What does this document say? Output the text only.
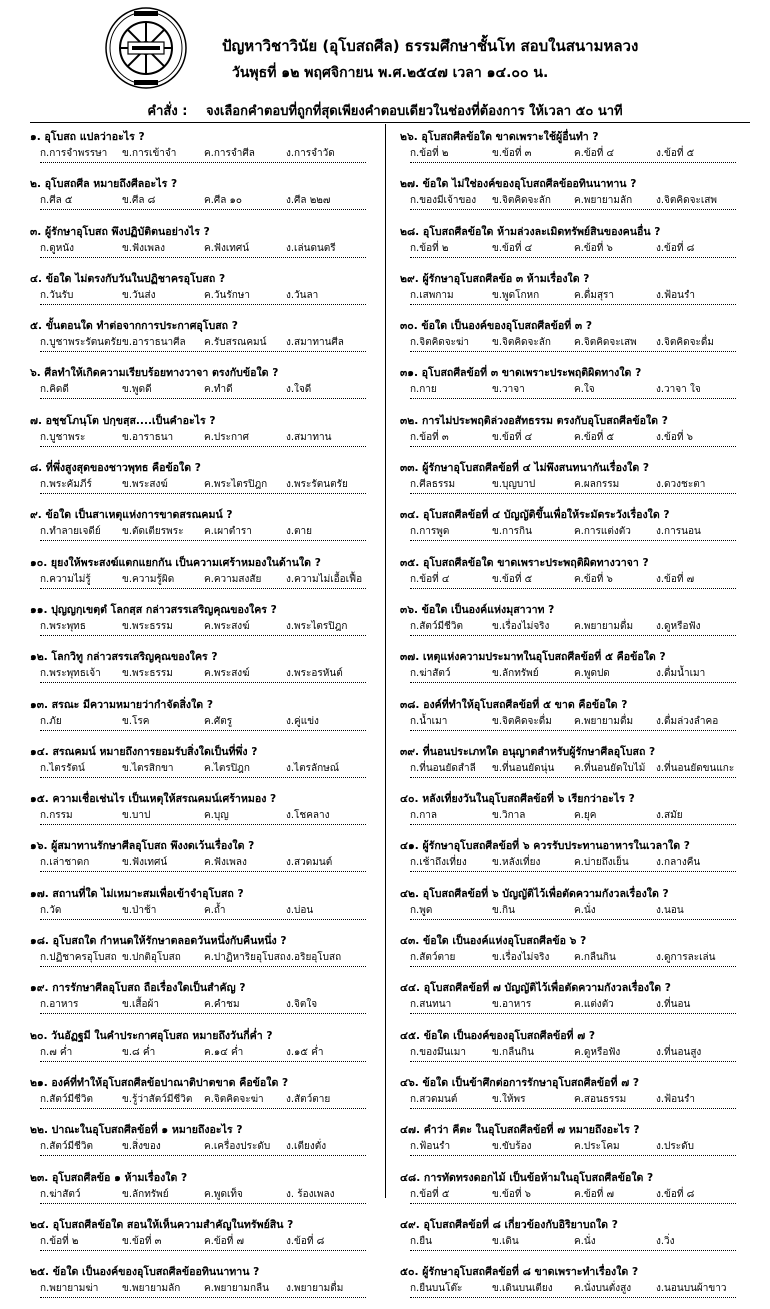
ปัญหาวิชาวินัย (อุโบสถศีล) ธรรมศึกษาชั้นโท สอบในสนามหลวง
วันพุธที่ ๑๒ พฤศจิกายน พ.ศ.๒๕๔๗ เวลา ๑๔.๐๐ น.
คำสั่ง : จงเลือกคำตอบที่ถูกที่สุดเพียงคำตอบเดียวในช่องที่ต้องการ ให้เวลา ๕๐ นาที
๑. อุโบสถ แปลว่าอะไร ?
ก.การจำพรรษา ข.การเข้าจำ	ค.การจำศีล	ง.การจำวัด
๒. อุโบสถศีล หมายถึงศีลอะไร ?
ก.ศีล ๕	ข.ศีล ๘	ค.ศีล ๑๐	ง.ศีล ๒๒๗
๓. ผู้รักษาอุโบสถ พึงปฏิบัติตนอย่างไร ?
ก.ดูหนัง	ข.ฟังเพลง	ค.ฟังเทศน์	ง.เล่นดนตรี
๔. ข้อใด ไม่ตรงกับวันในปฏิชาครอุโบสถ ?
ก.วันรับ	ข.วันส่ง	ค.วันรักษา	ง.วันลา
๕. ขั้นตอนใด ทำต่อจากการประกาศอุโบสถ ?
ก.บูชาพระรัตนตรัย ข.อาราธนาศีล ค.รับสรณคมน์ ง.สมาทานศีล
๖. ศีลทำให้เกิดความเรียบร้อยทางวาจา ตรงกับข้อใด ?
ก.คิดดี	ข.พูดดี	ค.ทำดี	ง.ใจดี
๗. อชฺชโภนฺโต ปกฺขสฺส....เป็นคำอะไร ?
ก.บูชาพระ	ข.อาราธนา	ค.ประกาศ	ง.สมาทาน
๘. ที่พึ่งสูงสุดของชาวพุทธ คือข้อใด ?
ก.พระคัมภีร์	ข.พระสงฆ์	ค.พระไตรปิฎก ง.พระรัตนตรัย
๙. ข้อใด เป็นสาเหตุแห่งการขาดสรณคมน์ ?
ก.ทำลายเจดีย์ ข.ตัดเตียรพระ ค.เผาตำรา	ง.ตาย
๑๐. ยุยงให้พระสงฆ์แตกแยกกัน เป็นความเศร้าหมองในด้านใด ?
ก.ความไม่รู้	ข.ความรู้ผิด	ค.ความสงสัย ง.ความไม่เอื้อเฟื้อ
๑๑. ปุญญกฺเขตฺตํ โลกสฺส กล่าวสรรเสริญคุณของใคร ?
ก.พระพุทธ	ข.พระธรรม	ค.พระสงฆ์	ง.พระไตรปิฎก
๑๒. โลกวิทู กล่าวสรรเสริญคุณของใคร ?
ก.พระพุทธเจ้า ข.พระธรรม	ค.พระสงฆ์	ง.พระอรหันต์
๑๓. สรณะ มีความหมายว่ากำจัดสิ่งใด ?
ก.ภัย	ข.โรค	ค.ศัตรู	ง.คู่แข่ง
๑๔. สรณคมน์ หมายถึงการยอมรับสิ่งใดเป็นที่พึ่ง ?
ก.ไตรรัตน์	ข.ไตรสิกขา	ค.ไตรปิฎก	ง.ไตรลักษณ์
๑๕. ความเชื่อเช่นไร เป็นเหตุให้สรณคมน์เศร้าหมอง ?
ก.กรรม	ข.บาป	ค.บุญ	ง.โชคลาง
๑๖. ผู้สมาทานรักษาศีลอุโบสถ พึงงดเว้นเรื่องใด ?
ก.เล่าชาดก	ข.ฟังเทศน์	ค.ฟังเพลง	ง.สวดมนต์
๑๗. สถานที่ใด ไม่เหมาะสมเพื่อเข้าจำอุโบสถ ?
ก.วัด	ข.ป่าช้า	ค.ถ้ำ	ง.บ่อน
๑๘. อุโบสถใด กำหนดให้รักษาตลอดวันหนึ่งกับคืนหนึ่ง ?
ก.ปฏิชาครอุโบสถ ข.ปกติอุโบสถ ค.ปาฏิหาริยอุโบสถ ง.อริยอุโบสถ
๑๙. การรักษาศีลอุโบสถ ถือเรื่องใดเป็นสำคัญ ?
ก.อาหาร	ข.เสื้อผ้า	ค.คำชม	ง.จิตใจ
๒๐. วันอัฏฐมี ในคำประกาศอุโบสถ หมายถึงวันกี่ค่ำ ?
ก.๗ ค่ำ	ข.๘ ค่ำ	ค.๑๔ ค่ำ	ง.๑๕ ค่ำ
๒๑. องค์ที่ทำให้อุโบสถศีลข้อปาณาติปาตขาด คือข้อใด ?
ก.สัตว์มีชีวิต	ข.รู้ว่าสัตว์มีชีวิต ค.จิตคิดจะฆ่า ง.สัตว์ตาย
๒๒. ปาณะในอุโบสถศีลข้อที่ ๑ หมายถึงอะไร ?
ก.สัตว์มีชีวิต	ข.สิ่งของ	ค.เครื่องประดับ ง.เตียงตั่ง
๒๓. อุโบสถศีลข้อ ๑ ห้ามเรื่องใด ?
ก.ฆ่าสัตว์	ข.ลักทรัพย์	ค.พูดเท็จ	ง. ร้องเพลง
๒๔. อุโบสถศีลข้อใด สอนให้เห็นความสำคัญในทรัพย์สิน ?
ก.ข้อที่ ๒	ข.ข้อที่ ๓	ค.ข้อที่ ๗	ง.ข้อที่ ๘
๒๕. ข้อใด เป็นองค์ของอุโบสถศีลข้ออทินนาทาน ?
ก.พยายามฆ่า ข.พยายามลัก ค.พยายามกลืน ง.พยายามดื่ม
๒๖. อุโบสถศีลข้อใด ขาดเพราะใช้ผู้อื่นทำ ?
ก.ข้อที่ ๒	ข.ข้อที่ ๓	ค.ข้อที่ ๔	ง.ข้อที่ ๕
๒๗. ข้อใด ไม่ใช่องค์ของอุโบสถศีลข้ออทินนาทาน ?
ก.ของมีเจ้าของ ข.จิตคิดจะลัก ค.พยายามลัก ง.จิตคิดจะเสพ
๒๘. อุโบสถศีลข้อใด ห้ามล่วงละเมิดทรัพย์สินของคนอื่น ?
ก.ข้อที่ ๒	ข.ข้อที่ ๔	ค.ข้อที่ ๖	ง.ข้อที่ ๘
๒๙. ผู้รักษาอุโบสถศีลข้อ ๓ ห้ามเรื่องใด ?
ก.เสพกาม	ข.พูดโกหก	ค.ดื่มสุรา	ง.ฟ้อนรำ
๓๐. ข้อใด เป็นองค์ของอุโบสถศีลข้อที่ ๓ ?
ก.จิตคิดจะฆ่า ข.จิตคิดจะลัก ค.จิตคิดจะเสพ ง.จิตคิดจะดื่ม
๓๑. อุโบสถศีลข้อที่ ๓ ขาดเพราะประพฤติผิดทางใด ?
ก.กาย	ข.วาจา	ค.ใจ	ง.วาจา ใจ
๓๒. การไม่ประพฤติล่วงอสัทธรรม ตรงกับอุโบสถศีลข้อใด ?
ก.ข้อที่ ๓	ข.ข้อที่ ๔	ค.ข้อที่ ๕	ง.ข้อที่ ๖
๓๓. ผู้รักษาอุโบสถศีลข้อที่ ๔ ไม่พึงสนทนากันเรื่องใด ?
ก.ศีลธรรม	ข.บุญบาป	ค.ผลกรรม	ง.ดวงชะตา
๓๔. อุโบสถศีลข้อที่ ๔ บัญญัติขึ้นเพื่อให้ระมัดระวังเรื่องใด ?
ก.การพูด	ข.การกิน	ค.การแต่งตัว	ง.การนอน
๓๕. อุโบสถศีลข้อใด ขาดเพราะประพฤติผิดทางวาจา ?
ก.ข้อที่ ๔	ข.ข้อที่ ๕	ค.ข้อที่ ๖	ง.ข้อที่ ๗
๓๖. ข้อใด เป็นองค์แห่งมุสาวาท ?
ก.สัตว์มีชีวิต	ข.เรื่องไม่จริง ค.พยายามดื่ม ง.ดูหรือฟัง
๓๗. เหตุแห่งความประมาทในอุโบสถศีลข้อที่ ๕ คือข้อใด ?
ก.ฆ่าสัตว์	ข.ลักทรัพย์	ค.พูดปด	ง.ดื่มน้ำเมา
๓๘. องค์ที่ทำให้อุโบสถศีลข้อที่ ๕ ขาด คือข้อใด ?
ก.น้ำเมา	ข.จิตคิดจะดื่ม ค.พยายามดื่ม ง.ดื่มล่วงลำคอ
๓๙. ที่นอนประเภทใด อนุญาตสำหรับผู้รักษาศีลอุโบสถ ?
ก.ที่นอนยัดสำลี ข.ที่นอนยัดนุ่น ค.ที่นอนยัดใบไม้ ง.ที่นอนยัดขนแกะ
๔๐. หลังเที่ยงวันในอุโบสถศีลข้อที่ ๖ เรียกว่าอะไร ?
ก.กาล	ข.วิกาล	ค.ยุค	ง.สมัย
๔๑. ผู้รักษาอุโบสถศีลข้อที่ ๖ ควรรับประทานอาหารในเวลาใด ?
ก.เช้าถึงเที่ยง	ข.หลังเที่ยง	ค.บ่ายถึงเย็น	ง.กลางคืน
๔๒. อุโบสถศีลข้อที่ ๖ บัญญัติไว้เพื่อตัดความกังวลเรื่องใด ?
ก.พูด	ข.กิน	ค.นั่ง	ง.นอน
๔๓. ข้อใด เป็นองค์แห่งอุโบสถศีลข้อ ๖ ?
ก.สัตว์ตาย	ข.เรื่องไม่จริง ค.กลืนกิน	ง.ดูการละเล่น
๔๔. อุโบสถศีลข้อที่ ๗ บัญญัติไว้เพื่อตัดความกังวลเรื่องใด ?
ก.สนทนา	ข.อาหาร	ค.แต่งตัว	ง.ที่นอน
๔๕. ข้อใด เป็นองค์ของอุโบสถศีลข้อที่ ๗ ?
ก.ของมึนเมา	ข.กลืนกิน	ค.ดูหรือฟัง	ง.ที่นอนสูง
๔๖. ข้อใด เป็นข้าศึกต่อการรักษาอุโบสถศีลข้อที่ ๗ ?
ก.สวดมนต์	ข.ให้พร	ค.สอนธรรม	ง.ฟ้อนรำ
๔๗. คำว่า คีตะ ในอุโบสถศีลข้อที่ ๗ หมายถึงอะไร ?
ก.ฟ้อนรำ	ข.ขับร้อง	ค.ประโคม	ง.ประดับ
๔๘. การทัดทรงดอกไม้ เป็นข้อห้ามในอุโบสถศีลข้อใด ?
ก.ข้อที่ ๕	ข.ข้อที่ ๖	ค.ข้อที่ ๗	ง.ข้อที่ ๘
๔๙. อุโบสถศีลข้อที่ ๘ เกี่ยวข้องกับอิริยาบถใด ?
ก.ยืน	ข.เดิน	ค.นั่ง	ง.วิ่ง
๕๐. ผู้รักษาอุโบสถศีลข้อที่ ๘ ขาดเพราะทำเรื่องใด ?
ก.ยืนบนโต๊ะ	ข.เดินบนเตียง ค.นั่งบนตั่งสูง ง.นอนบนผ้าขาว
